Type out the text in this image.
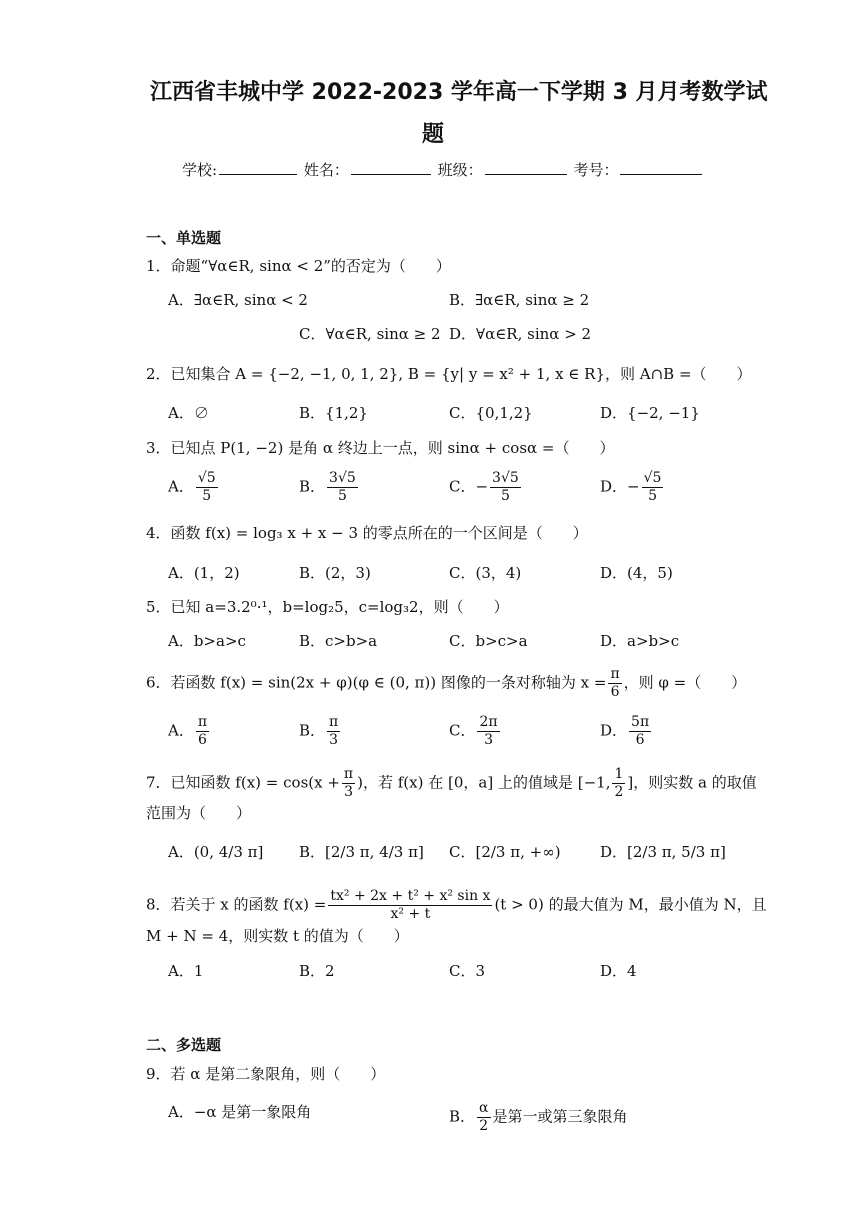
江西省丰城中学 2022-2023 学年高一下学期 3 月月考数学试
题
学校:	姓名：	班级：	考号：
一、单选题
1．命题“∀α∈R, sinα < 2”的否定为（　　）
A．∃α∈R, sinα < 2	B．∃α∈R, sinα ≥ 2
C．∀α∈R, sinα ≥ 2 D．∀α∈R, sinα > 2
2．已知集合 A = {−2, −1, 0, 1, 2}, B = {y| y = x² + 1, x ∈ R}，则 A∩B =（　　）
A．∅	B．{1,2}	C．{0,1,2}	D．{−2, −1}
3．已知点 P(1, −2) 是角 α 终边上一点，则 sinα + cosα =（　　）
A． $\frac{√5}{5}$	B． $\frac{3√5}{5}$	C．− $\frac{3√5}{5}$	D．− $\frac{√5}{5}$
4．函数 f(x) = log₃ x + x − 3 的零点所在的一个区间是（　　）
A．(1，2)	B．(2，3)	C．(3，4)	D．(4，5)
5．已知 a=3.2⁰·¹，b=log₂5，c=log₃2，则（　　）
A．b>a>c	B．c>b>a	C．b>c>a	D．a>b>c
6．若函数 f(x) = sin(2x + φ)(φ ∈ (0, π)) 图像的一条对称轴为 $x = \frac{\pi}{6}$ ，则 φ =（　　）
A． $\frac{\pi}{6}$	B． $\frac{\pi}{3}$	C． $\frac{2\pi}{3}$	D． $\frac{5\pi}{6}$
7．已知函数 $f(x) = \cos(x + \frac{\pi}{3}$ )，若 f(x) 在 [0，a] 上的值域是 [−1, $\frac{1}{2}$ ]，则实数 a 的取值
范围为（　　）
A．(0, 4/3 π] B．[2/3 π, 4/3 π] C．[2/3 π, +∞)	D．[2/3 π, 5/3 π]
8．若关于 x 的函数 $f(x) = \frac{\text{tx² + 2x + t² + x² sin x}}{\text{x² + t}} (t > 0)$ 的最大值为 M，最小值为 N，且
M + N = 4，则实数 t 的值为（　　）
A．1	B．2	C．3	D．4
二、多选题
9．若 α 是第二象限角，则（　　）
A．−α 是第一象限角	B． $\frac{\alpha}{2}$ 是第一或第三象限角
